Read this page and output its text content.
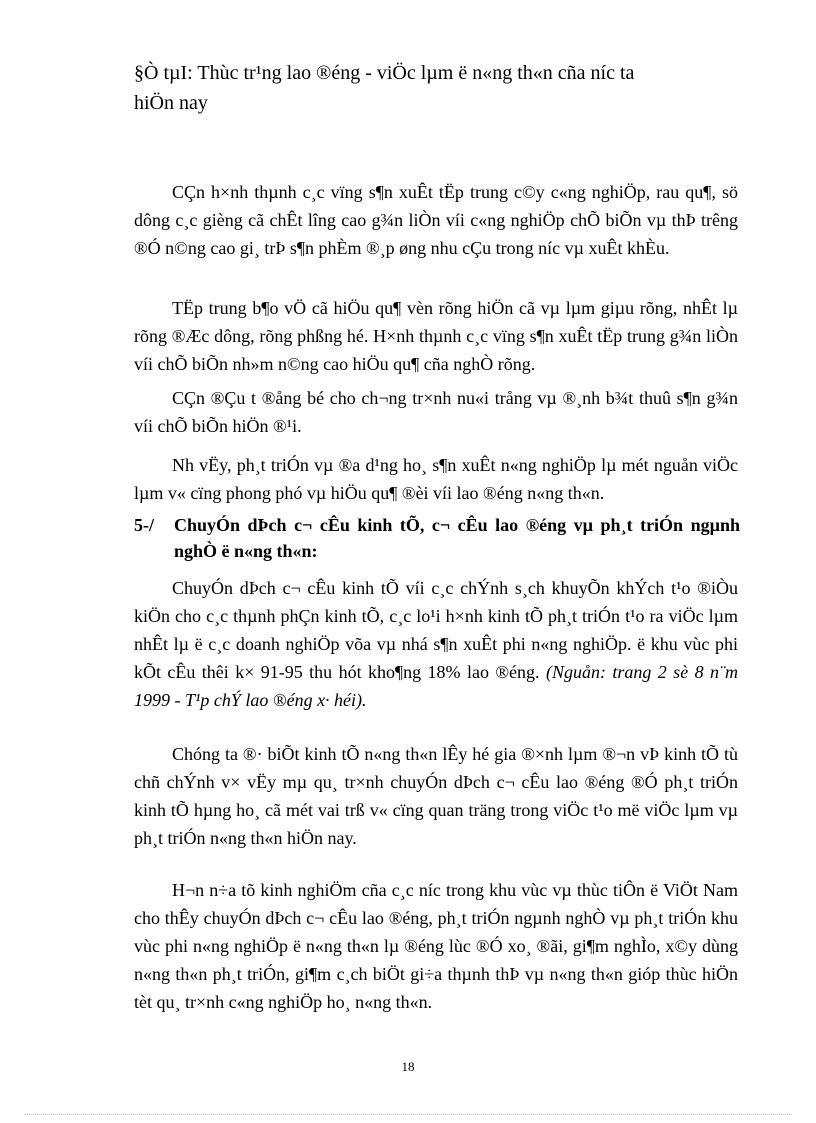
§Ò tµI: Thùc tr¹ng lao ®éng - viÖc lµm ë n«ng th«n cña níc ta
hiÖn nay

CÇn h×nh thµnh c¸c vïng s¶n xuÊt tËp trung c©y c«ng nghiÖp, rau qu¶, sö dông c¸c gièng cã chÊt lîng cao g¾n liÒn víi c«ng nghiÖp chÕ biÕn vµ thÞ trêng ®Ó n©ng cao gi¸ trÞ s¶n phÈm ®¸p øng nhu cÇu trong níc vµ xuÊt khÈu.

TËp trung b¶o vÖ cã hiÖu qu¶ vèn rõng hiÖn cã vµ lµm giµu rõng, nhÊt lµ rõng ®Æc dông, rõng phßng hé. H×nh thµnh c¸c vïng s¶n xuÊt tËp trung g¾n liÒn víi chÕ biÕn nh»m n©ng cao hiÖu qu¶ cña nghÒ rõng.

CÇn ®Çu t ®ång bé cho ch¬ng tr×nh nu«i trång vµ ®¸nh b¾t thuû s¶n g¾n víi chÕ biÕn hiÖn ®¹i.

Nh vËy, ph¸t triÓn vµ ®a d¹ng ho¸ s¶n xuÊt n«ng nghiÖp lµ mét nguån viÖc lµm v« cïng phong phó vµ hiÖu qu¶ ®èi víi lao ®éng n«ng th«n.

5-/ ChuyÓn dÞch c¬ cÊu kinh tÕ, c¬ cÊu lao ®éng vµ ph¸t triÓn ngµnh nghÒ ë n«ng th«n:
ChuyÓn dÞch c¬ cÊu kinh tÕ víi c¸c chÝnh s¸ch khuyÕn khÝch t¹o ®iÒu kiÖn cho c¸c thµnh phÇn kinh tÕ, c¸c lo¹i h×nh kinh tÕ ph¸t triÓn t¹o ra viÖc lµm nhÊt lµ ë c¸c doanh nghiÖp võa vµ nhá s¶n xuÊt phi n«ng nghiÖp. ë khu vùc phi kÕt cÊu thêi k× 91-95 thu hót kho¶ng 18% lao ®éng. (Nguån: trang 2 sè 8 n¨m 1999 - T¹p chÝ lao ®éng x· héi).

Chóng ta ®· biÕt kinh tÕ n«ng th«n lÊy hé gia ®×nh lµm ®¬n vÞ kinh tÕ tù chñ chÝnh v× vËy mµ qu¸ tr×nh chuyÓn dÞch c¬ cÊu lao ®éng ®Ó ph¸t triÓn kinh tÕ hµng ho¸ cã mét vai trß v« cïng quan träng trong viÖc t¹o më viÖc lµm vµ ph¸t triÓn n«ng th«n hiÖn nay.

H¬n n÷a tõ kinh nghiÖm cña c¸c níc trong khu vùc vµ thùc tiÔn ë ViÖt Nam cho thÊy chuyÓn dÞch c¬ cÊu lao ®éng, ph¸t triÓn ngµnh nghÒ vµ ph¸t triÓn khu vùc phi n«ng nghiÖp ë n«ng th«n lµ ®éng lùc ®Ó xo¸ ®ãi, gi¶m nghÌo, x©y dùng n«ng th«n ph¸t triÓn, gi¶m c¸ch biÖt gi÷a thµnh thÞ vµ n«ng th«n gióp thùc hiÖn tèt qu¸ tr×nh c«ng nghiÖp ho¸ n«ng th«n.

18
